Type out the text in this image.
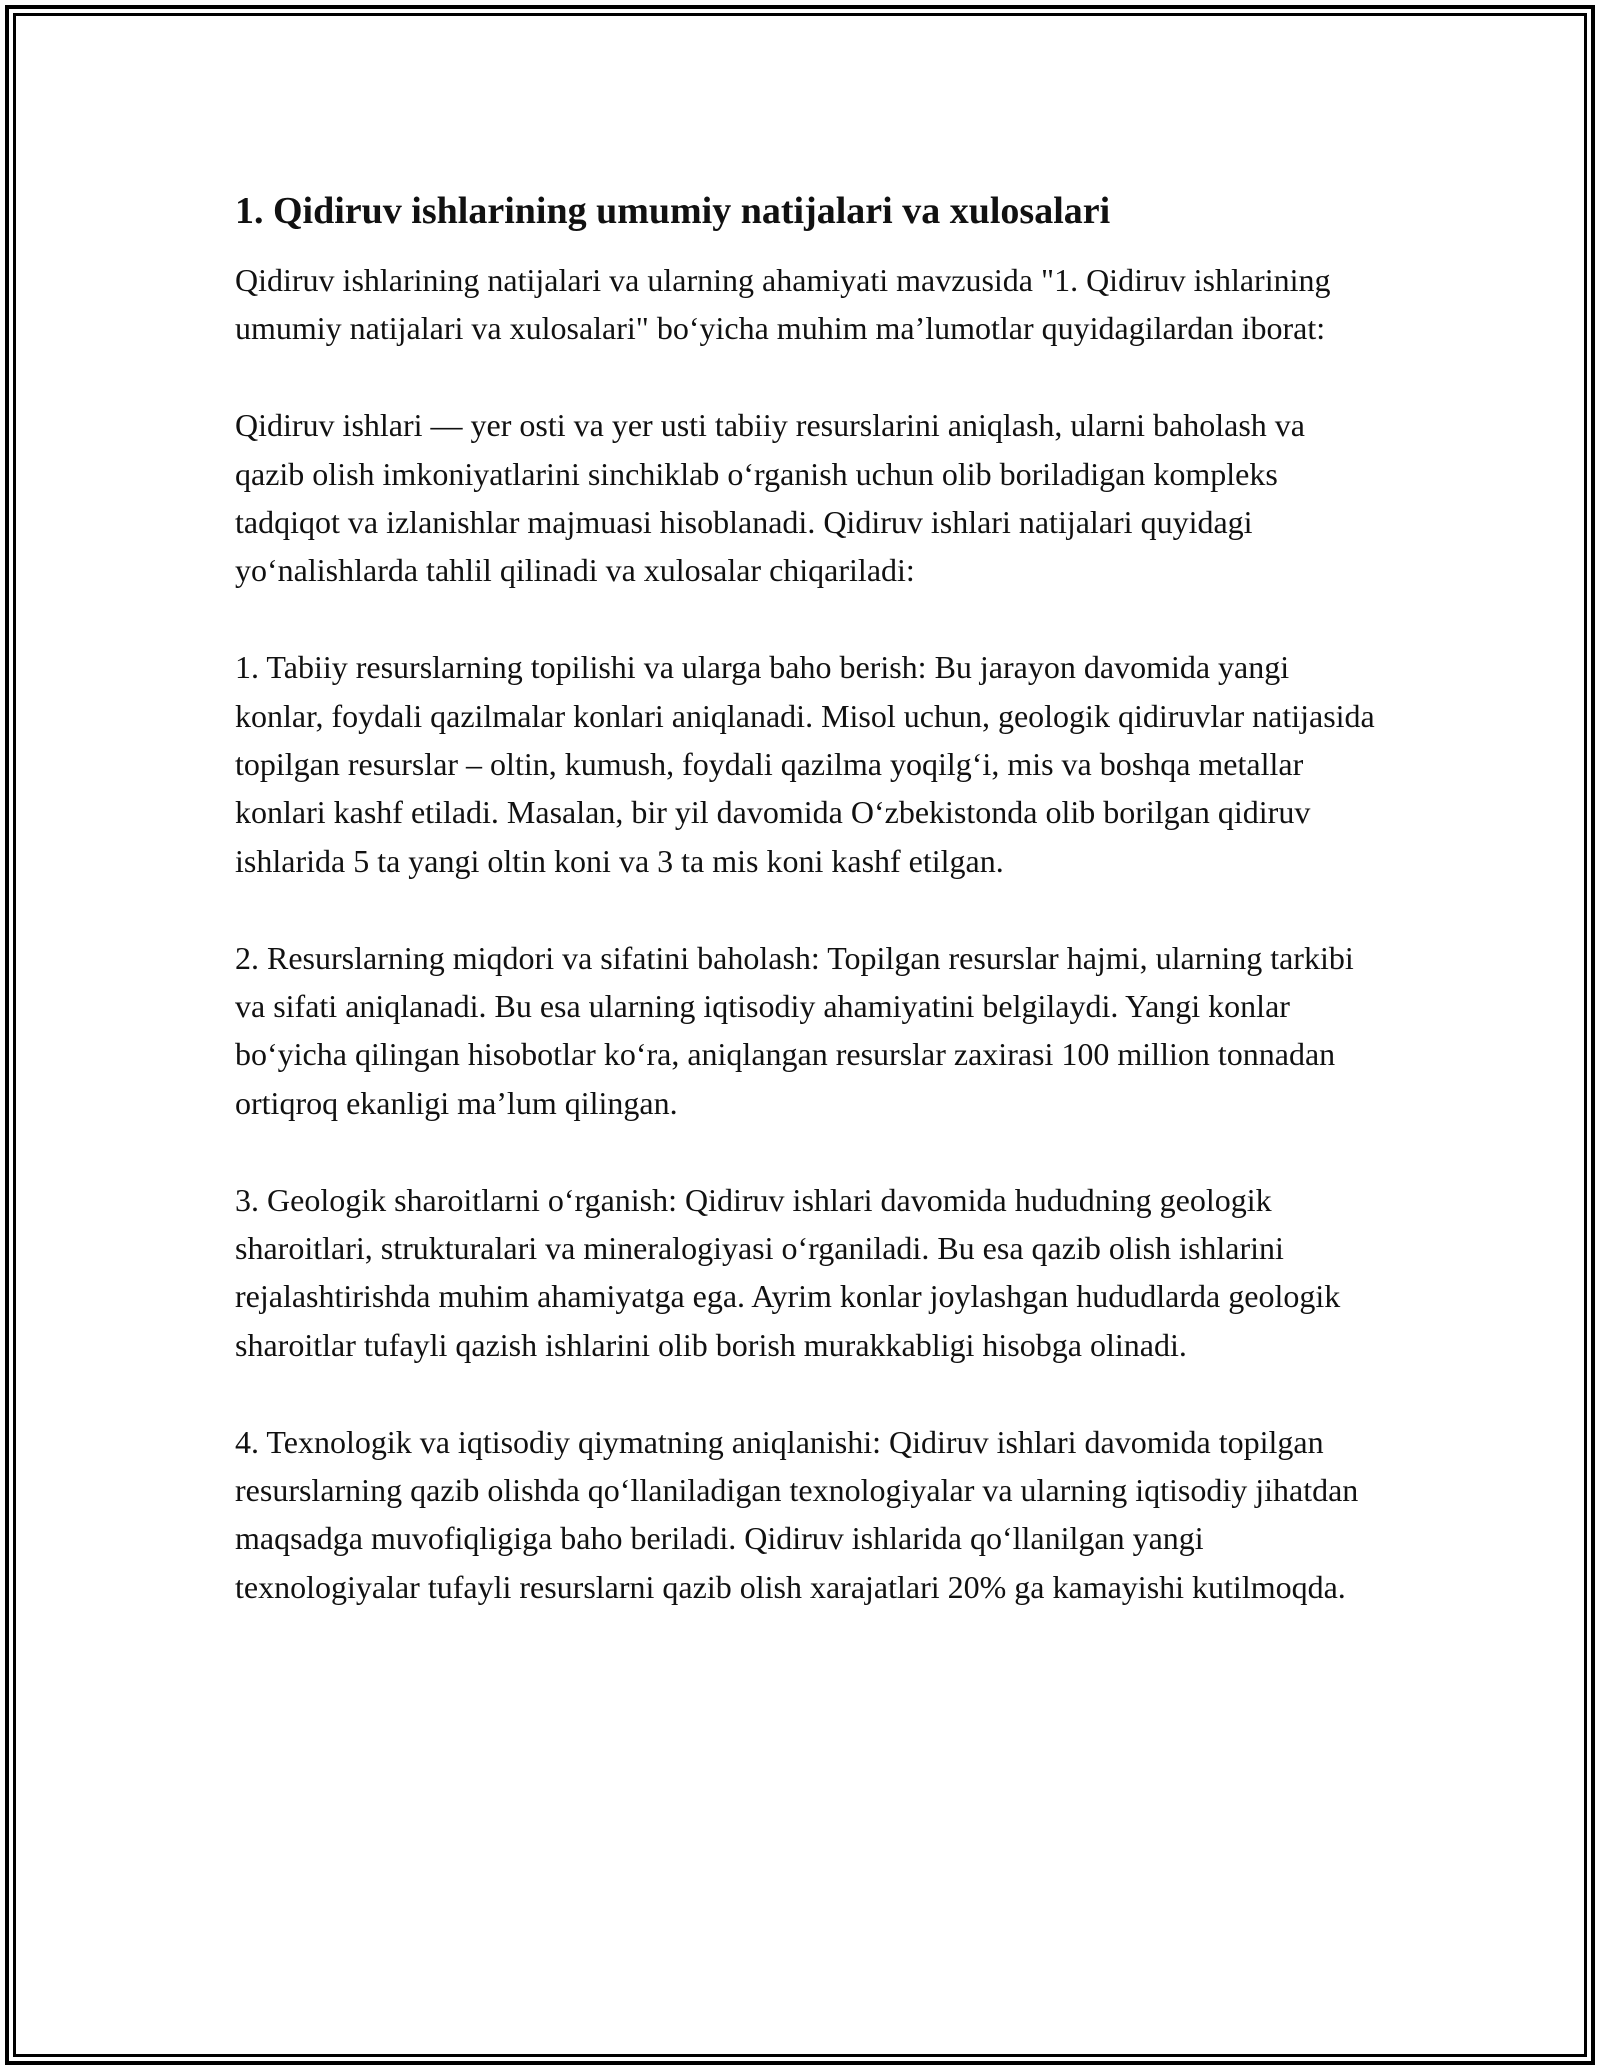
1. Qidiruv ishlarining umumiy natijalari va xulosalari

Qidiruv ishlarining natijalari va ularning ahamiyati mavzusida "1. Qidiruv ishlarining umumiy natijalari va xulosalari" bo‘yicha muhim ma’lumotlar quyidagilardan iborat:

Qidiruv ishlari — yer osti va yer usti tabiiy resurslarini aniqlash, ularni baholash va qazib olish imkoniyatlarini sinchiklab o‘rganish uchun olib boriladigan kompleks tadqiqot va izlanishlar majmuasi hisoblanadi. Qidiruv ishlari natijalari quyidagi yo‘nalishlarda tahlil qilinadi va xulosalar chiqariladi:

1. Tabiiy resurslarning topilishi va ularga baho berish: Bu jarayon davomida yangi konlar, foydali qazilmalar konlari aniqlanadi. Misol uchun, geologik qidiruvlar natijasida topilgan resurslar – oltin, kumush, foydali qazilma yoqilg‘i, mis va boshqa metallar konlari kashf etiladi. Masalan, bir yil davomida O‘zbekistonda olib borilgan qidiruv ishlarida 5 ta yangi oltin koni va 3 ta mis koni kashf etilgan.

2. Resurslarning miqdori va sifatini baholash: Topilgan resurslar hajmi, ularning tarkibi va sifati aniqlanadi. Bu esa ularning iqtisodiy ahamiyatini belgilaydi. Yangi konlar bo‘yicha qilingan hisobotlar ko‘ra, aniqlangan resurslar zaxirasi 100 million tonnadan ortiqroq ekanligi ma’lum qilingan.

3. Geologik sharoitlarni o‘rganish: Qidiruv ishlari davomida hududning geologik sharoitlari, strukturalari va mineralogiyasi o‘rganiladi. Bu esa qazib olish ishlarini rejalashtirishda muhim ahamiyatga ega. Ayrim konlar joylashgan hududlarda geologik sharoitlar tufayli qazish ishlarini olib borish murakkabligi hisobga olinadi.

4. Texnologik va iqtisodiy qiymatning aniqlanishi: Qidiruv ishlari davomida topilgan resurslarning qazib olishda qo‘llaniladigan texnologiyalar va ularning iqtisodiy jihatdan maqsadga muvofiqligiga baho beriladi. Qidiruv ishlarida qo‘llanilgan yangi texnologiyalar tufayli resurslarni qazib olish xarajatlari 20% ga kamayishi kutilmoqda.
